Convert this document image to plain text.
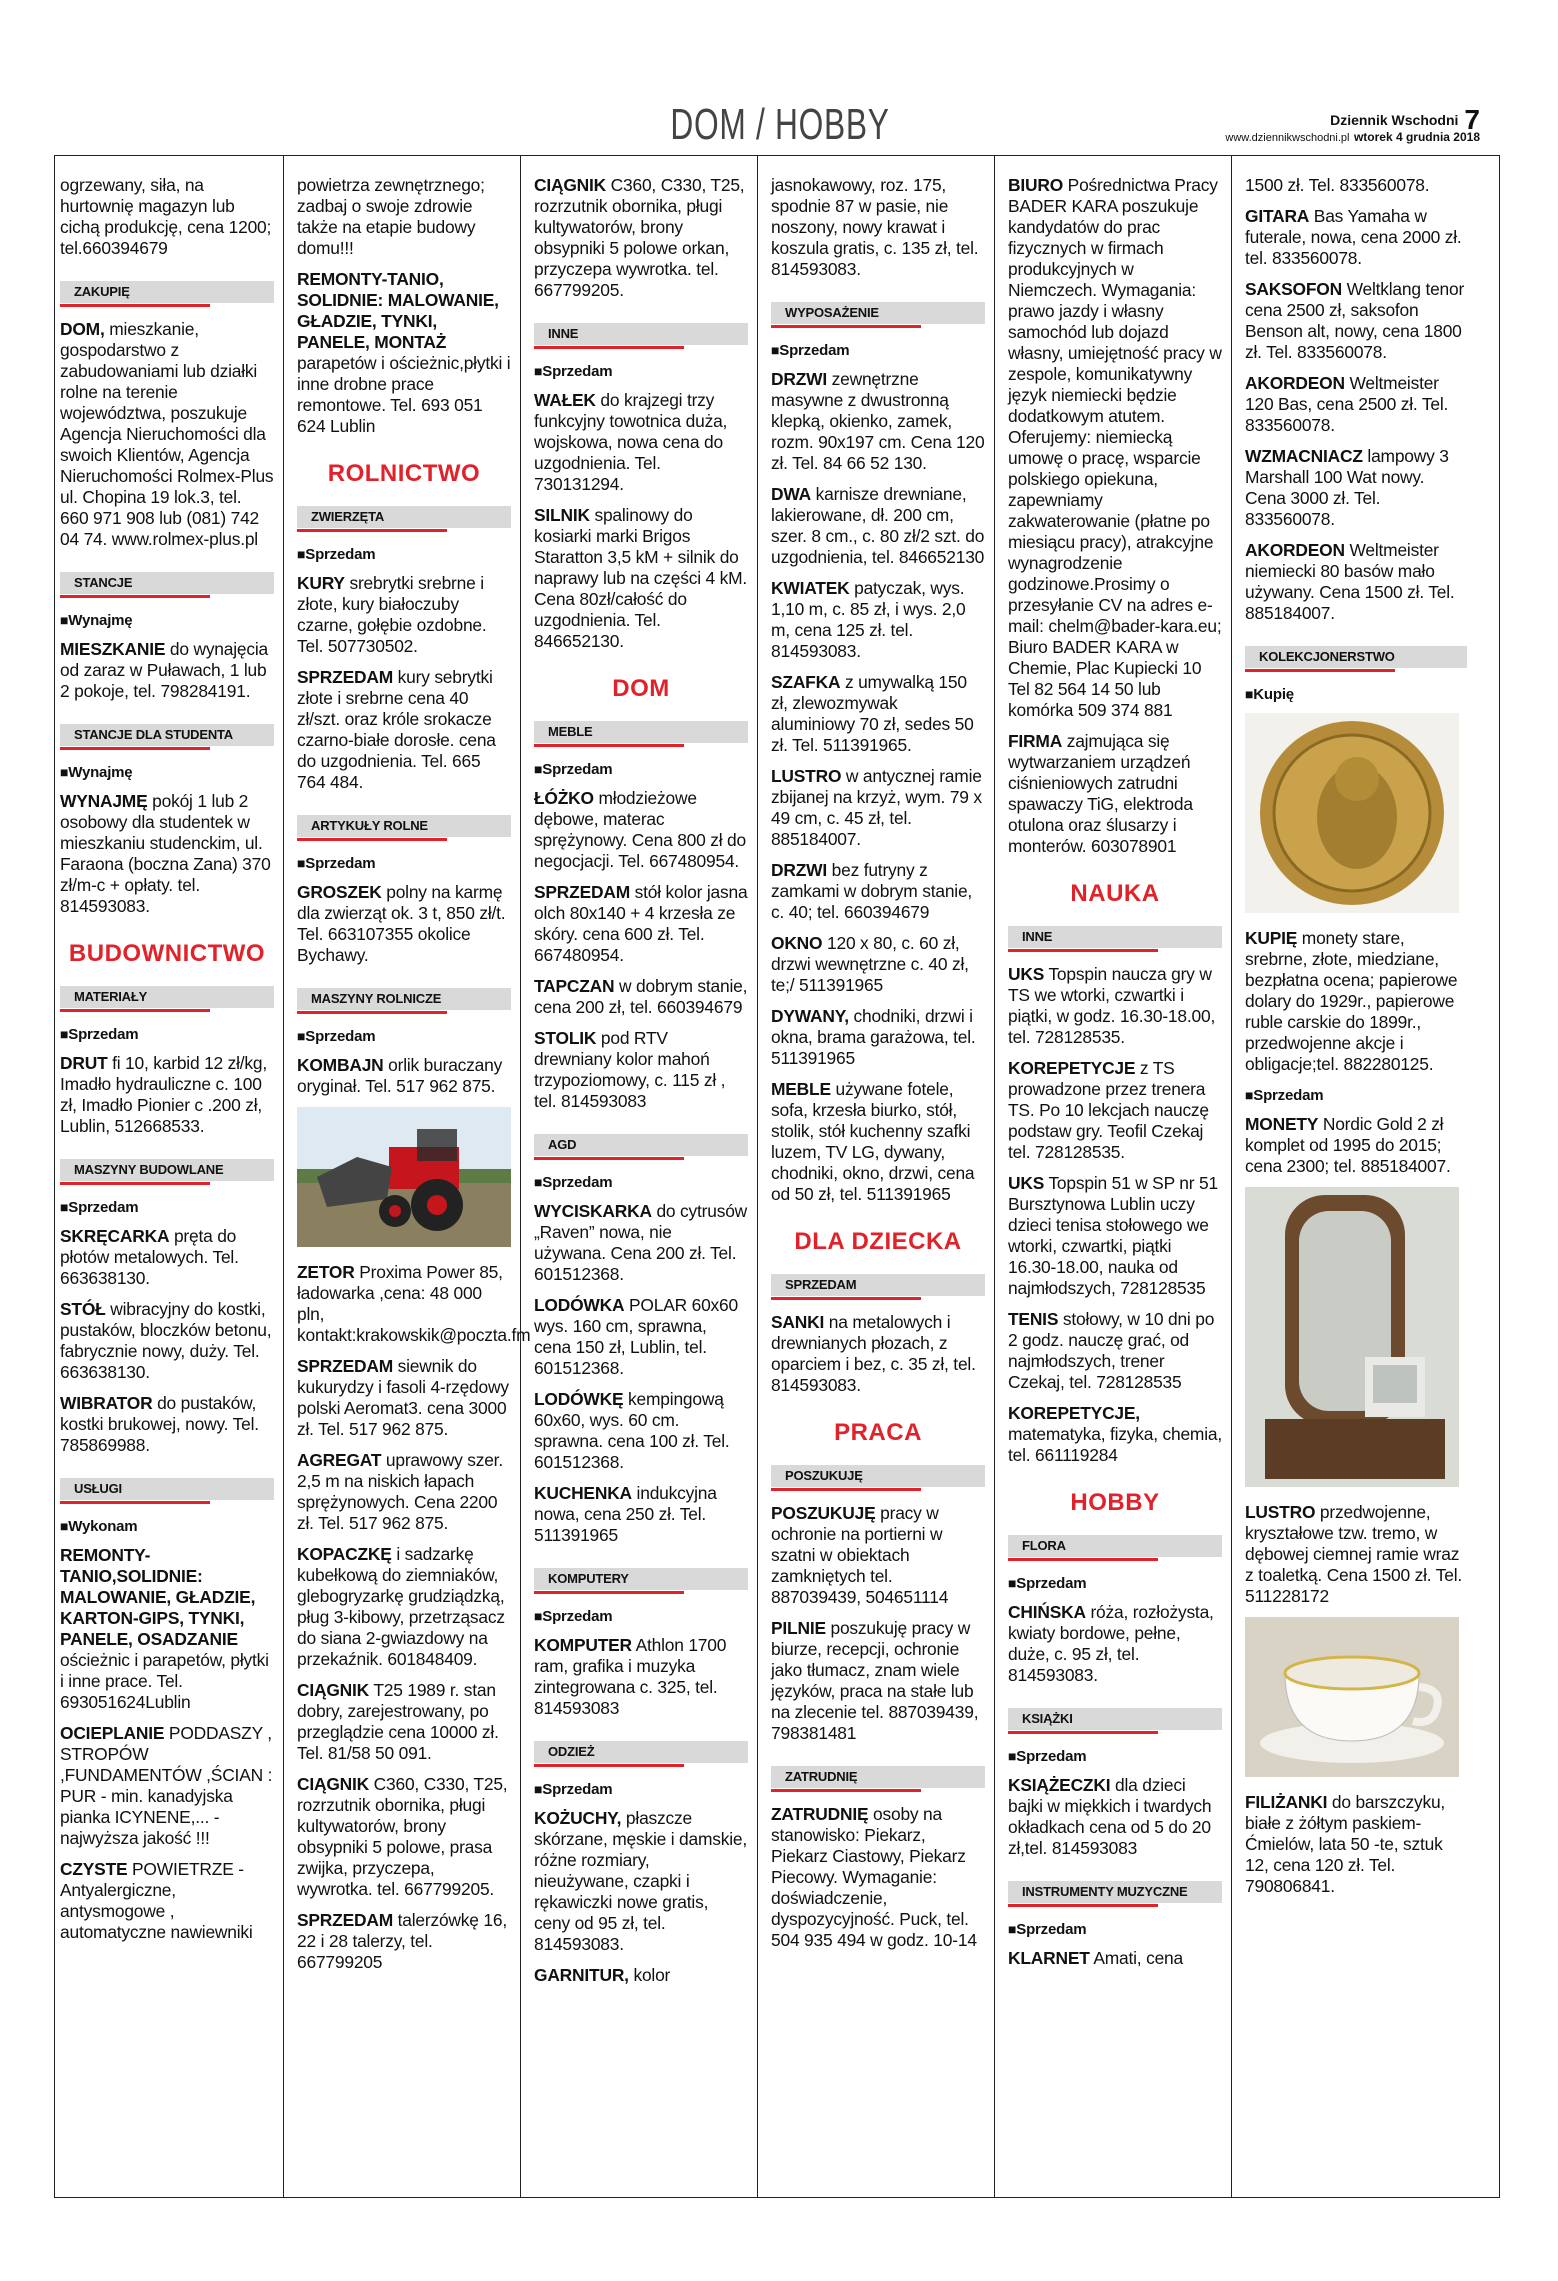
DOM / HOBBY	Dziennik Wschodni 7
www.dziennikwschodni.pl wtorek 4 grudnia 2018

ogrzewany, siła, na hurtownię magazyn lub cichą produkcję, cena 1200; tel.660394679

ZAKUPIĘ

DOM, mieszkanie, gospodarstwo z zabudowaniami lub działki rolne na terenie województwa, poszukuje Agencja Nieruchomości dla swoich Klientów, Agencja Nieruchomości Rolmex-Plus ul. Chopina 19 lok.3, tel. 660 971 908 lub (081) 742 04 74. www.rolmex-plus.pl

STANCJE
■ Wynajmę

MIESZKANIE do wynajęcia od zaraz w Puławach, 1 lub 2 pokoje, tel. 798284191.

STANCJE DLA STUDENTA
■ Wynajmę

WYNAJMĘ pokój 1 lub 2 osobowy dla studentek w mieszkaniu studenckim, ul. Faraona (boczna Zana) 370 zł/m-c + opłaty. tel. 814593083.

BUDOWNICTWO
MATERIAŁY
■ Sprzedam

DRUT fi 10, karbid 12 zł/kg, Imadło hydrauliczne c. 100 zł, Imadło Pionier c .200 zł, Lublin, 512668533.

MASZYNY BUDOWLANE
■ Sprzedam

SKRĘCARKA pręta do płotów metalowych. Tel. 663638130.

STÓŁ wibracyjny do kostki, pustaków, bloczków betonu, fabrycznie nowy, duży. Tel. 663638130.

WIBRATOR do pustaków, kostki brukowej, nowy. Tel. 785869988.

USŁUGI
■ Wykonam

REMONTY-TANIO,SOLIDNIE: MALOWANIE, GŁADZIE, KARTON-GIPS, TYNKI, PANELE, OSADZANIE ościeżnic i parapetów, płytki i inne prace. Tel. 693051624Lublin

OCIEPLANIE PODDASZY , STROPÓW ,FUNDAMENTÓW ,ŚCIAN : PUR - min. kanadyjska pianka ICYNENE,... - najwyższa jakość !!!

CZYSTE POWIETRZE - Antyalergiczne, antysmogowe , automatyczne nawiewniki

powietrza zewnętrznego; zadbaj o swoje zdrowie także na etapie budowy domu!!!

REMONTY-TANIO, SOLIDNIE: MALOWANIE, GŁADZIE, TYNKI, PANELE, MONTAŻ parapetów i ościeżnic,płytki i inne drobne prace remontowe. Tel. 693 051 624 Lublin

ROLNICTWO
ZWIERZĘTA
■ Sprzedam

KURY srebrytki srebrne i złote, kury białoczuby czarne, gołębie ozdobne. Tel. 507730502.

SPRZEDAM kury sebrytki złote i srebrne cena 40 zł/szt. oraz króle srokacze czarno-białe dorosłe. cena do uzgodnienia. Tel. 665 764 484.

ARTYKUŁY ROLNE
■ Sprzedam

GROSZEK polny na karmę dla zwierząt ok. 3 t, 850 zł/t. Tel. 663107355 okolice Bychawy.

MASZYNY ROLNICZE
■ Sprzedam

KOMBAJN orlik buraczany oryginał. Tel. 517 962 875.

ZETOR Proxima Power 85, ładowarka ,cena: 48 000 pln, kontakt:krakowskik@poczta.fm

SPRZEDAM siewnik do kukurydzy i fasoli 4-rzędowy polski Aeromat3. cena 3000 zł. Tel. 517 962 875.

AGREGAT uprawowy szer. 2,5 m na niskich łapach sprężynowych. Cena 2200 zł. Tel. 517 962 875.

KOPACZKĘ i sadzarkę kubełkową do ziemniaków, glebogryzarkę grudziądzką, pług 3-kibowy, przetrząsacz do siana 2-gwiazdowy na przekaźnik. 601848409.

CIĄGNIK T25 1989 r. stan dobry, zarejestrowany, po przeglądzie cena 10000 zł. Tel. 81/58 50 091.

CIĄGNIK C360, C330, T25, rozrzutnik obornika, pługi kultywatorów, brony obsypniki 5 polowe, prasa zwijka, przyczepa, wywrotka. tel. 667799205.

SPRZEDAM talerzówkę 16, 22 i 28 talerzy, tel. 667799205

CIĄGNIK C360, C330, T25, rozrzutnik obornika, pługi kultywatorów, brony obsypniki 5 polowe orkan, przyczepa wywrotka. tel. 667799205.

INNE
■ Sprzedam

WAŁEK do krajzegi trzy funkcyjny towotnica duża, wojskowa, nowa cena do uzgodnienia. Tel. 730131294.

SILNIK spalinowy do kosiarki marki Brigos Staratton 3,5 kM + silnik do naprawy lub na części 4 kM. Cena 80zł/całość do uzgodnienia. Tel. 846652130.

DOM
MEBLE
■ Sprzedam

ŁÓŻKO młodzieżowe dębowe, materac sprężynowy. Cena 800 zł do negocjacji. Tel. 667480954.

SPRZEDAM stół kolor jasna olch 80x140 + 4 krzesła ze skóry. cena 600 zł. Tel. 667480954.

TAPCZAN w dobrym stanie, cena 200 zł, tel. 660394679

STOLIK pod RTV drewniany kolor mahoń trzypoziomowy, c. 115 zł , tel. 814593083

AGD
■ Sprzedam

WYCISKARKA do cytrusów „Raven” nowa, nie używana. Cena 200 zł. Tel. 601512368.

LODÓWKA POLAR 60x60 wys. 160 cm, sprawna, cena 150 zł, Lublin, tel. 601512368.

LODÓWKĘ kempingową 60x60, wys. 60 cm. sprawna. cena 100 zł. Tel. 601512368.

KUCHENKA indukcyjna nowa, cena 250 zł. Tel. 511391965

KOMPUTERY
■ Sprzedam

KOMPUTER Athlon 1700 ram, grafika i muzyka zintegrowana c. 325, tel. 814593083

ODZIEŻ
■ Sprzedam

KOŻUCHY, płaszcze skórzane, męskie i damskie, różne rozmiary, nieużywane, czapki i rękawiczki nowe gratis, ceny od 95 zł, tel. 814593083.

GARNITUR, kolor

jasnokawowy, roz. 175, spodnie 87 w pasie, nie noszony, nowy krawat i koszula gratis, c. 135 zł, tel. 814593083.

WYPOSAŻENIE
■ Sprzedam

DRZWI zewnętrzne masywne z dwustronną klepką, okienko, zamek, rozm. 90x197 cm. Cena 120 zł. Tel. 84 66 52 130.

DWA karnisze drewniane, lakierowane, dł. 200 cm, szer. 8 cm., c. 80 zł/2 szt. do uzgodnienia, tel. 846652130

KWIATEK patyczak, wys. 1,10 m, c. 85 zł, i wys. 2,0 m, cena 125 zł. tel. 814593083.

SZAFKA z umywalką 150 zł, zlewozmywak aluminiowy 70 zł, sedes 50 zł. Tel. 511391965.

LUSTRO w antycznej ramie zbijanej na krzyż, wym. 79 x 49 cm, c. 45 zł, tel. 885184007.

DRZWI bez futryny z zamkami w dobrym stanie, c. 40; tel. 660394679

OKNO 120 x 80, c. 60 zł, drzwi wewnętrzne c. 40 zł, te;/ 511391965

DYWANY, chodniki, drzwi i okna, brama garażowa, tel. 511391965

MEBLE używane fotele, sofa, krzesła biurko, stół, stolik, stół kuchenny szafki luzem, TV LG, dywany, chodniki, okno, drzwi, cena od 50 zł, tel. 511391965

DLA DZIECKA
SPRZEDAM

SANKI na metalowych i drewnianych płozach, z oparciem i bez, c. 35 zł, tel. 814593083.

PRACA
POSZUKUJĘ

POSZUKUJĘ pracy w ochronie na portierni w szatni w obiektach zamkniętych tel. 887039439, 504651114

PILNIE poszukuję pracy w biurze, recepcji, ochronie jako tłumacz, znam wiele języków, praca na stałe lub na zlecenie tel. 887039439, 798381481

ZATRUDNIĘ

ZATRUDNIĘ osoby na stanowisko: Piekarz, Piekarz Ciastowy, Piekarz Piecowy. Wymaganie: doświadczenie, dyspozycyjność. Puck, tel. 504 935 494 w godz. 10-14

BIURO Pośrednictwa Pracy BADER KARA poszukuje kandydatów do prac fizycznych w firmach produkcyjnych w Niemczech. Wymagania: prawo jazdy i własny samochód lub dojazd własny, umiejętność pracy w zespole, komunikatywny język niemiecki będzie dodatkowym atutem. Oferujemy: niemiecką umowę o pracę, wsparcie polskiego opiekuna, zapewniamy zakwaterowanie (płatne po miesiącu pracy), atrakcyjne wynagrodzenie godzinowe.Prosimy o przesyłanie CV na adres e-mail: chelm@bader-kara.eu; Biuro BADER KARA w Chemie, Plac Kupiecki 10 Tel 82 564 14 50 lub komórka 509 374 881

FIRMA zajmująca się wytwarzaniem urządzeń ciśnieniowych zatrudni spawaczy TiG, elektroda otulona oraz ślusarzy i monterów. 603078901

NAUKA
INNE

UKS Topspin naucza gry w TS we wtorki, czwartki i piątki, w godz. 16.30-18.00, tel. 728128535.

KOREPETYCJE z TS prowadzone przez trenera TS. Po 10 lekcjach nauczę podstaw gry. Teofil Czekaj tel. 728128535.

UKS Topspin 51 w SP nr 51 Bursztynowa Lublin uczy dzieci tenisa stołowego we wtorki, czwartki, piątki 16.30-18.00, nauka od najmłodszych, 728128535

TENIS stołowy, w 10 dni po 2 godz. nauczę grać, od najmłodszych, trener Czekaj, tel. 728128535

KOREPETYCJE, matematyka, fizyka, chemia, tel. 661119284

HOBBY
FLORA
■ Sprzedam

CHIŃSKA róża, rozłożysta, kwiaty bordowe, pełne, duże, c. 95 zł, tel. 814593083.

KSIĄŻKI
■ Sprzedam

KSIĄŻECZKI dla dzieci bajki w miękkich i twardych okładkach cena od 5 do 20 zł,tel. 814593083

INSTRUMENTY MUZYCZNE
■ Sprzedam

KLARNET Amati, cena

1500 zł. Tel. 833560078.

GITARA Bas Yamaha w futerale, nowa, cena 2000 zł. tel. 833560078.

SAKSOFON Weltklang tenor cena 2500 zł, saksofon Benson alt, nowy, cena 1800 zł. Tel. 833560078.

AKORDEON Weltmeister 120 Bas, cena 2500 zł. Tel. 833560078.

WZMACNIACZ lampowy 3 Marshall 100 Wat nowy. Cena 3000 zł. Tel. 833560078.

AKORDEON Weltmeister niemiecki 80 basów mało używany. Cena 1500 zł. Tel. 885184007.

KOLEKCJONERSTWO
■ Kupię

KUPIĘ monety stare, srebrne, złote, miedziane, bezpłatna ocena; papierowe dolary do 1929r., papierowe ruble carskie do 1899r., przedwojenne akcje i obligacje;tel. 882280125.

■ Sprzedam

MONETY Nordic Gold 2 zł komplet od 1995 do 2015; cena 2300; tel. 885184007.

LUSTRO przedwojenne, kryształowe tzw. tremo, w dębowej ciemnej ramie wraz z toaletką. Cena 1500 zł. Tel. 511228172

FILIŻANKI do barszczyku, białe z żółtym paskiem-Ćmielów, lata 50 -te, sztuk 12, cena 120 zł. Tel. 790806841.
